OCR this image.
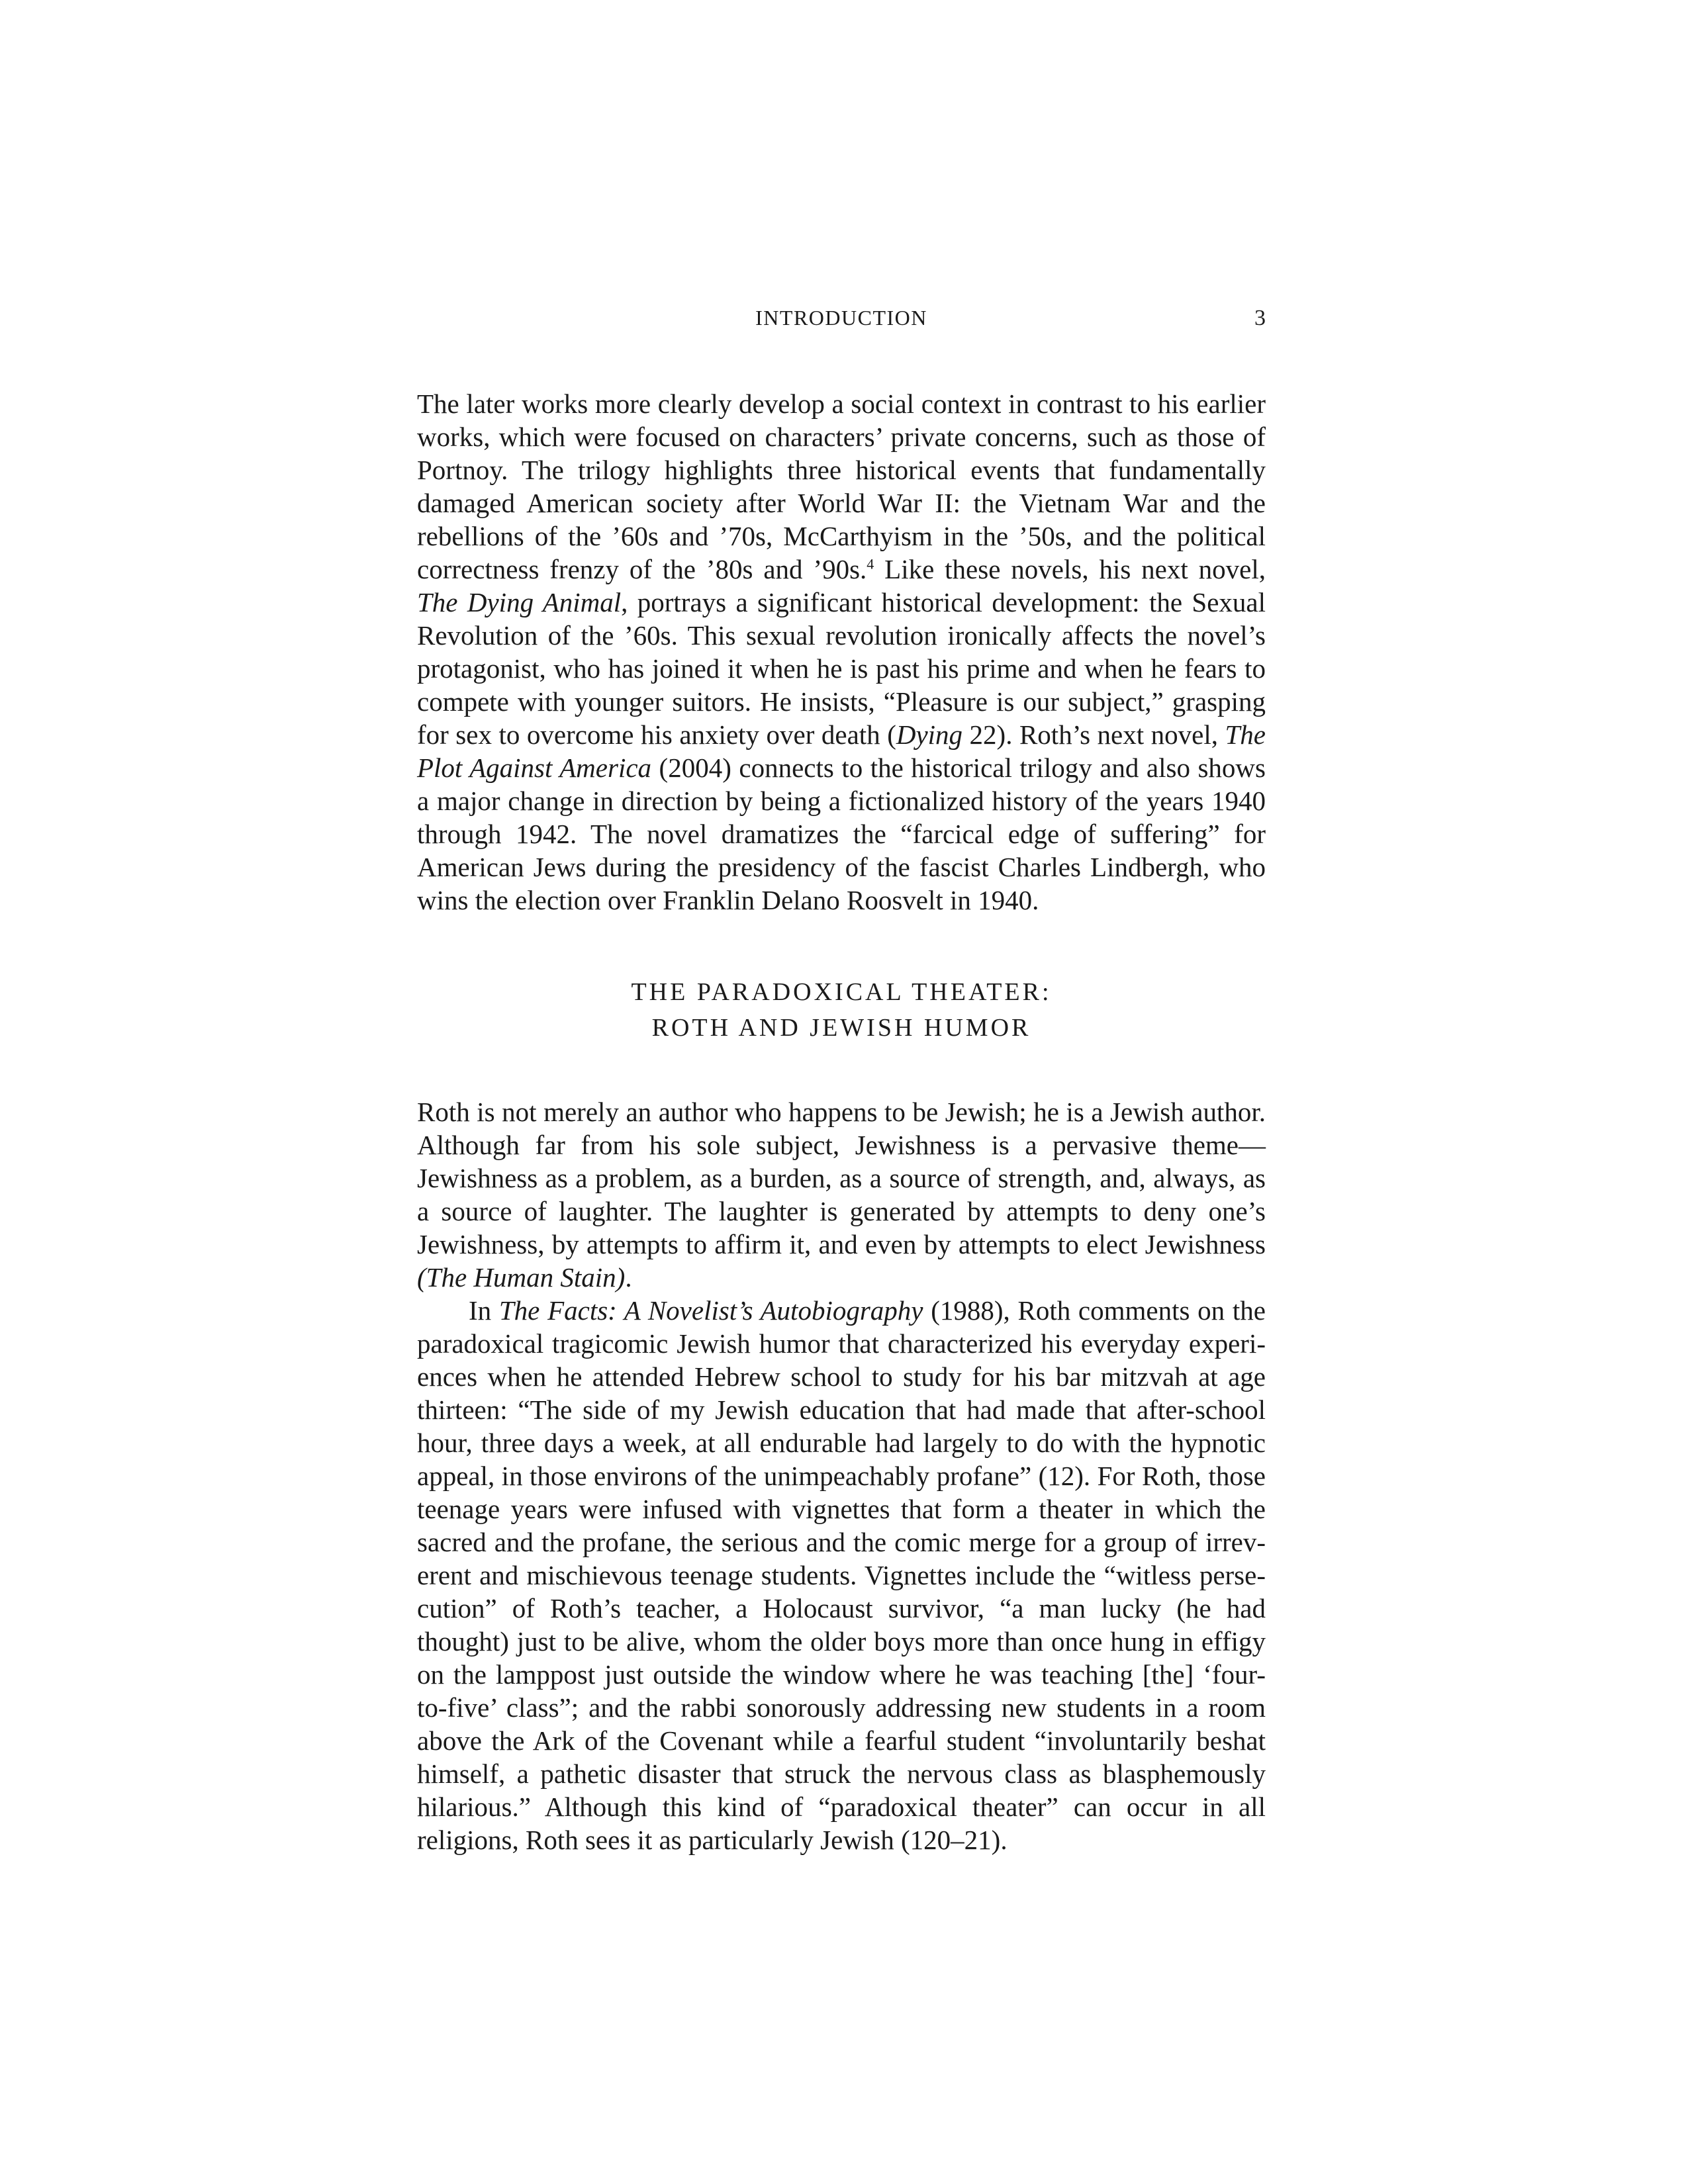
INTRODUCTION	3

The later works more clearly develop a social context in contrast to his earlier works, which were focused on characters’ private concerns, such as those of Portnoy. The trilogy highlights three historical events that fundamentally damaged American society after World War II: the Vietnam War and the rebellions of the ’60s and ’70s, McCarthyism in the ’50s, and the political correctness frenzy of the ’80s and ’90s.$^4$ Like these novels, his next novel, The Dying Animal, portrays a significant historical development: the Sexual Revolution of the ’60s. This sexual revolution ironically affects the novel’s protagonist, who has joined it when he is past his prime and when he fears to compete with younger suitors. He insists, “Pleasure is our subject,” grasping for sex to overcome his anxiety over death (Dying 22). Roth’s next novel, The Plot Against America (2004) connects to the historical trilogy and also shows a major change in direction by being a fictionalized history of the years 1940 through 1942. The novel dramatizes the “farcical edge of suffering” for American Jews during the presidency of the fascist Charles Lindbergh, who wins the election over Franklin Delano Roosvelt in 1940.

THE PARADOXICAL THEATER:
ROTH AND JEWISH HUMOR

Roth is not merely an author who happens to be Jewish; he is a Jewish author. Although far from his sole subject, Jewishness is a pervasive theme—Jewishness as a problem, as a burden, as a source of strength, and, always, as a source of laughter. The laughter is generated by attempts to deny one’s Jewishness, by attempts to affirm it, and even by attempts to elect Jewishness (The Human Stain).

In The Facts: A Novelist’s Autobiography (1988), Roth comments on the paradoxical tragicomic Jewish humor that characterized his everyday experiences when he attended Hebrew school to study for his bar mitzvah at age thirteen: “The side of my Jewish education that had made that after-school hour, three days a week, at all endurable had largely to do with the hypnotic appeal, in those environs of the unimpeachably profane” (12). For Roth, those teenage years were infused with vignettes that form a theater in which the sacred and the profane, the serious and the comic merge for a group of irreverent and mischievous teenage students. Vignettes include the “witless persecution” of Roth’s teacher, a Holocaust survivor, “a man lucky (he had thought) just to be alive, whom the older boys more than once hung in effigy on the lamppost just outside the window where he was teaching [the] ‘four-to-five’ class”; and the rabbi sonorously addressing new students in a room above the Ark of the Covenant while a fearful student “involuntarily beshat himself, a pathetic disaster that struck the nervous class as blasphemously hilarious.” Although this kind of “paradoxical theater” can occur in all religions, Roth sees it as particularly Jewish (120–21).
